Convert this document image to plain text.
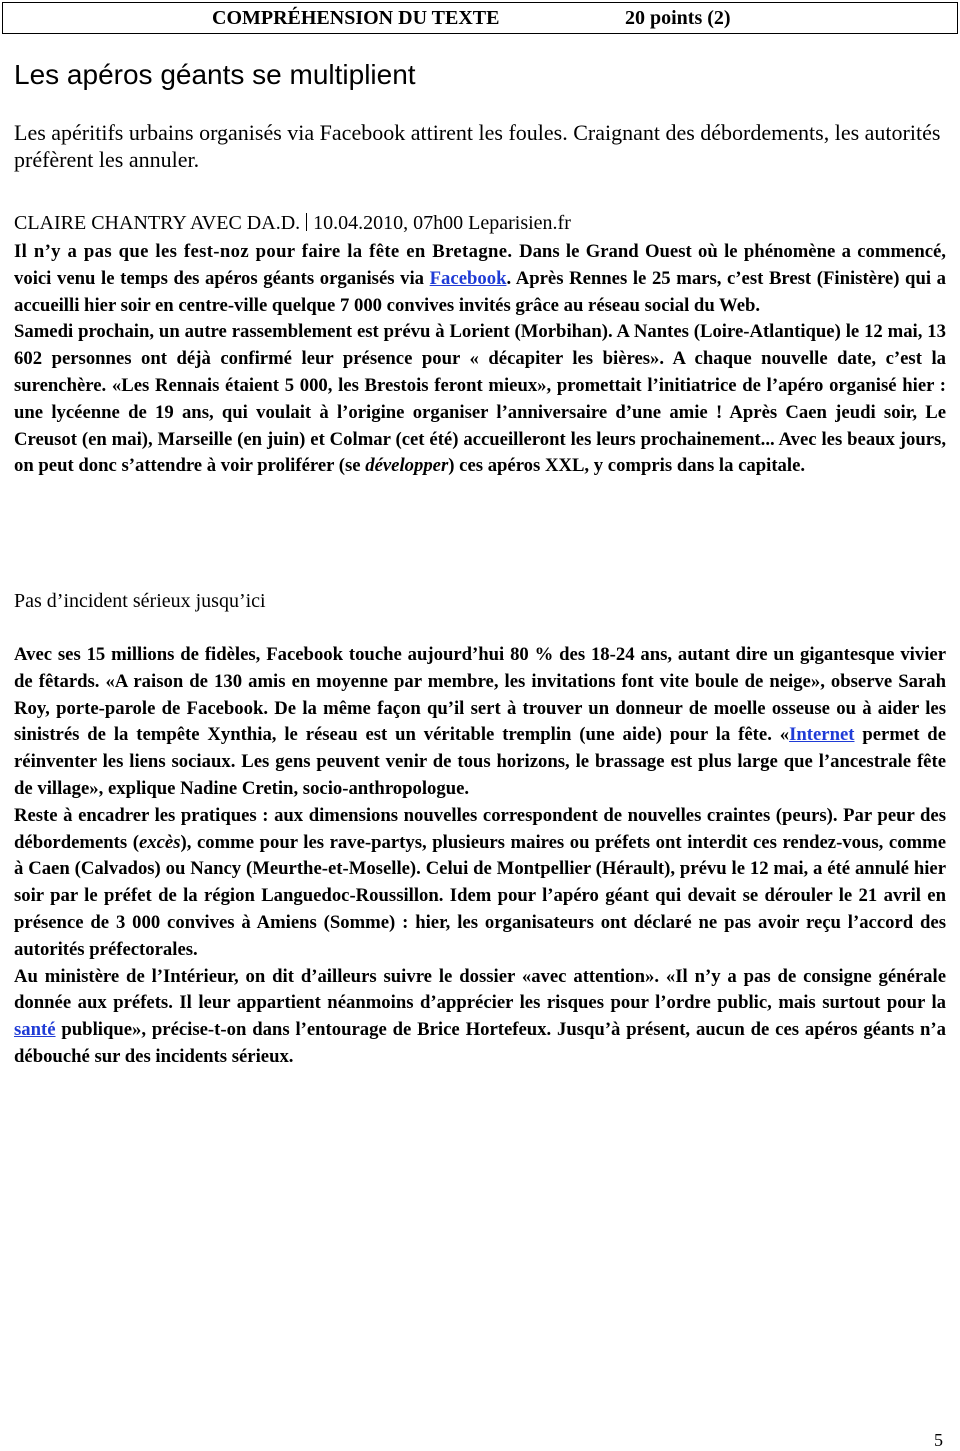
COMPRÉHENSION DU TEXTE	20 points (2)
Les apéros géants se multiplient
Les apéritifs urbains organisés via Facebook attirent les foules. Craignant des débordements, les autorités préfèrent les annuler.
CLAIRE CHANTRY AVEC DA.D. 10.04.2010, 07h00 Leparisien.fr
Il n’y a pas que les fest-noz pour faire la fête en Bretagne. Dans le Grand Ouest où le phénomène a commencé, voici venu le temps des apéros géants organisés via Facebook. Après Rennes le 25 mars, c’est Brest (Finistère) qui a accueilli hier soir en centre-ville quelque 7 000 convives invités grâce au réseau social du Web.
Samedi prochain, un autre rassemblement est prévu à Lorient (Morbihan). A Nantes (Loire-Atlantique) le 12 mai, 13 602 personnes ont déjà confirmé leur présence pour « décapiter les bières». A chaque nouvelle date, c’est la surenchère. «Les Rennais étaient 5 000, les Brestois feront mieux», promettait l’initiatrice de l’apéro organisé hier : une lycéenne de 19 ans, qui voulait à l’origine organiser l’anniversaire d’une amie ! Après Caen jeudi soir, Le Creusot (en mai), Marseille (en juin) et Colmar (cet été) accueilleront les leurs prochainement... Avec les beaux jours, on peut donc s’attendre à voir proliférer (se développer) ces apéros XXL, y compris dans la capitale.
Pas d’incident sérieux jusqu’ici
Avec ses 15 millions de fidèles, Facebook touche aujourd’hui 80 % des 18-24 ans, autant dire un gigantesque vivier de fêtards. «A raison de 130 amis en moyenne par membre, les invitations font vite boule de neige», observe Sarah Roy, porte-parole de Facebook. De la même façon qu’il sert à trouver un donneur de moelle osseuse ou à aider les sinistrés de la tempête Xynthia, le réseau est un véritable tremplin (une aide) pour la fête. «Internet permet de réinventer les liens sociaux. Les gens peuvent venir de tous horizons, le brassage est plus large que l’ancestrale fête de village», explique Nadine Cretin, socio-anthropologue.
Reste à encadrer les pratiques : aux dimensions nouvelles correspondent de nouvelles craintes (peurs). Par peur des débordements (excès), comme pour les rave-partys, plusieurs maires ou préfets ont interdit ces rendez-vous, comme à Caen (Calvados) ou Nancy (Meurthe-et-Moselle). Celui de Montpellier (Hérault), prévu le 12 mai, a été annulé hier soir par le préfet de la région Languedoc-Roussillon. Idem pour l’apéro géant qui devait se dérouler le 21 avril en présence de 3 000 convives à Amiens (Somme) : hier, les organisateurs ont déclaré ne pas avoir reçu l’accord des autorités préfectorales.
Au ministère de l’Intérieur, on dit d’ailleurs suivre le dossier «avec attention». «Il n’y a pas de consigne générale donnée aux préfets. Il leur appartient néanmoins d’apprécier les risques pour l’ordre public, mais surtout pour la santé publique», précise-t-on dans l’entourage de Brice Hortefeux. Jusqu’à présent, aucun de ces apéros géants n’a débouché sur des incidents sérieux.
5
